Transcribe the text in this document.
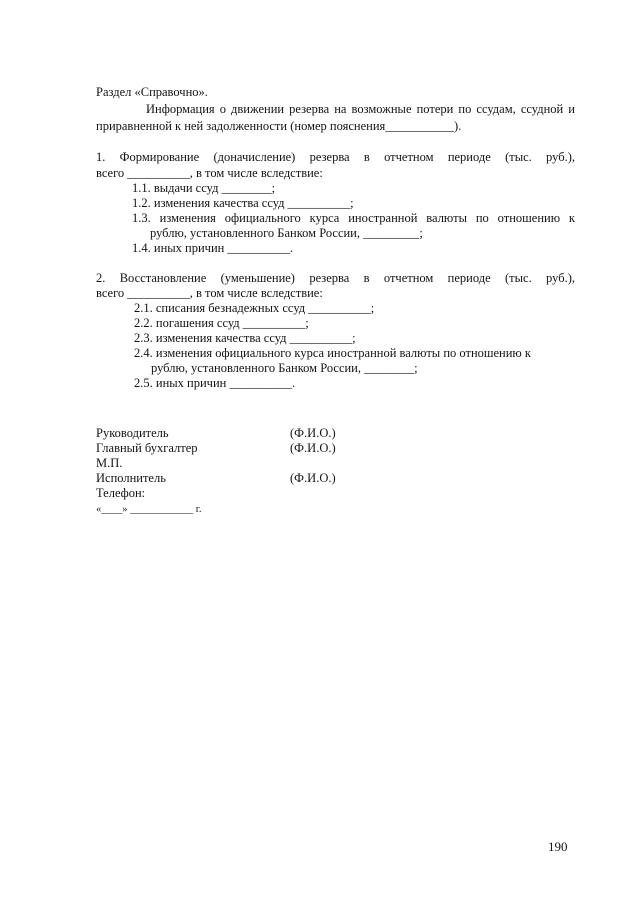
Раздел «Справочно».
Информация о движении резерва на возможные потери по ссудам, ссудной и
приравненной к ней задолженности (номер пояснения___________).
1. Формирование (доначисление) резерва в отчетном периоде (тыс. руб.),
всего __________, в том числе вследствие:
1.1. выдачи ссуд ________;
1.2. изменения качества ссуд __________;
1.3. изменения официального курса иностранной валюты по отношению к
рублю, установленного Банком России, _________;
1.4. иных причин __________.
2. Восстановление (уменьшение) резерва в отчетном периоде (тыс. руб.),
всего __________, в том числе вследствие:
2.1. списания безнадежных ссуд __________;
2.2. погашения ссуд __________;
2.3. изменения качества ссуд __________;
2.4. изменения официального курса иностранной валюты по отношению к
рублю, установленного Банком России, ________;
2.5. иных причин __________.
Руководитель	(Ф.И.О.)
Главный бухгалтер	(Ф.И.О.)
М.П.
Исполнитель	(Ф.И.О.)
Телефон:
«____» ____________ г.
190
